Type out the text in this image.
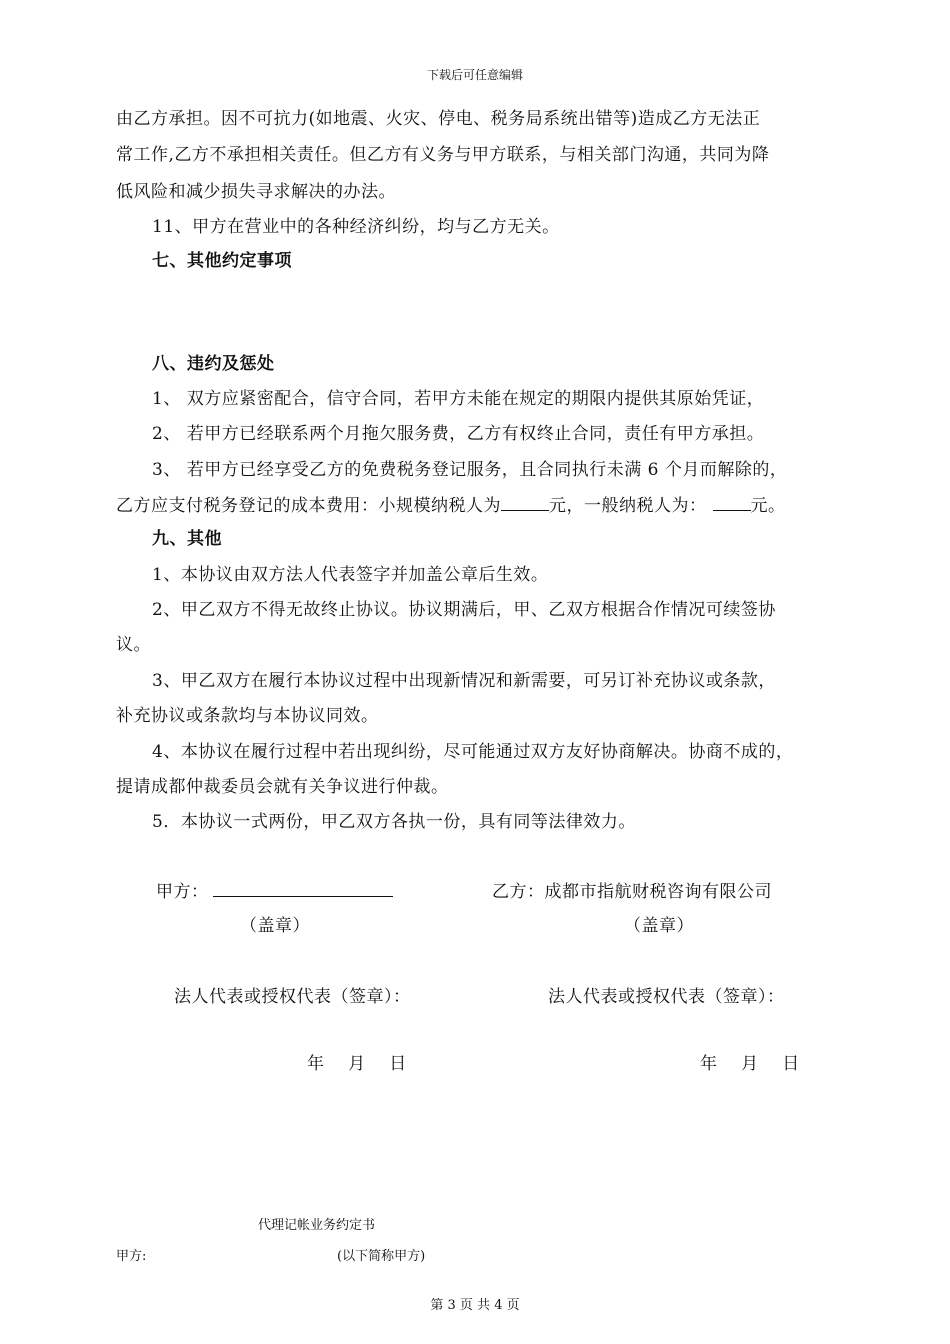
下载后可任意编辑
由乙方承担。因不可抗力(如地震、火灾、停电、税务局系统出错等)造成乙方无法正
常工作,乙方不承担相关责任。但乙方有义务与甲方联系，与相关部门沟通，共同为降
低风险和减少损失寻求解决的办法。
11、甲方在营业中的各种经济纠纷，均与乙方无关。
七、其他约定事项
八、违约及惩处
1、 双方应紧密配合，信守合同，若甲方未能在规定的期限内提供其原始凭证，
2、 若甲方已经联系两个月拖欠服务费，乙方有权终止合同，责任有甲方承担。
3、 若甲方已经享受乙方的免费税务登记服务，且合同执行未满 6 个月而解除的，
乙方应支付税务登记的成本费用：小规模纳税人为	元，一般纳税人为：	元。
九、其他
1、本协议由双方法人代表签字并加盖公章后生效。
2、甲乙双方不得无故终止协议。协议期满后，甲、乙双方根据合作情况可续签协
议。
3、甲乙双方在履行本协议过程中出现新情况和新需要，可另订补充协议或条款，
补充协议或条款均与本协议同效。
4、本协议在履行过程中若出现纠纷，尽可能通过双方友好协商解决。协商不成的，
提请成都仲裁委员会就有关争议进行仲裁。
5．本协议一式两份，甲乙双方各执一份，具有同等法律效力。
甲方：	乙方：成都市指航财税咨询有限公司
（盖章）	（盖章）
法人代表或授权代表（签章）：	法人代表或授权代表（签章）：
年    月    日	年    月    日
代理记帐业务约定书
甲方:	(以下简称甲方)
第 3 页 共 4 页
